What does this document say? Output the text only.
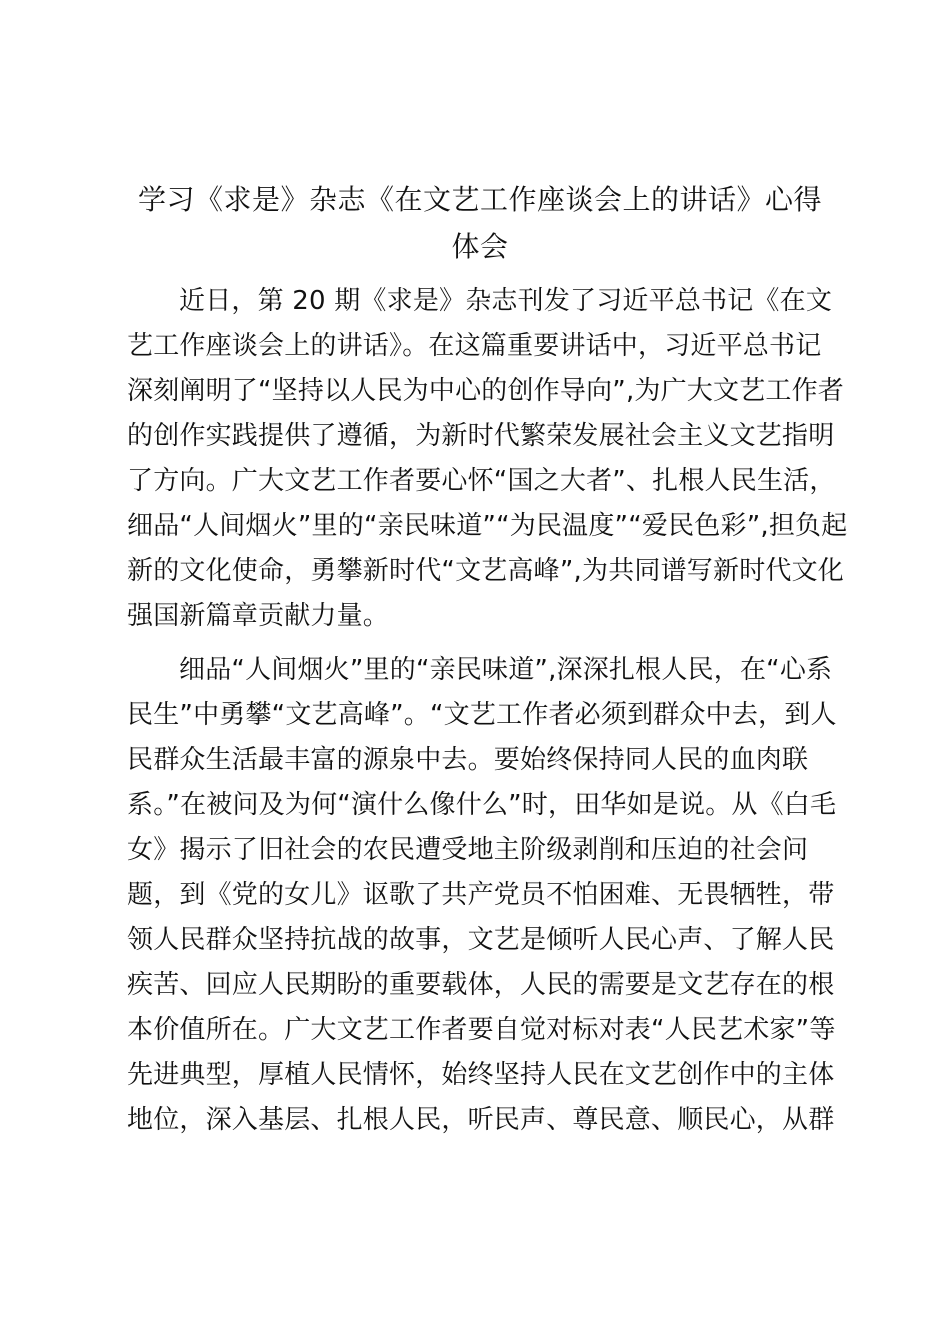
学习《求是》杂志《在文艺工作座谈会上的讲话》心得
体会
近日，第 20 期《求是》杂志刊发了习近平总书记《在文
艺工作座谈会上的讲话》。在这篇重要讲话中，习近平总书记
深刻阐明了“坚持以人民为中心的创作导向”,为广大文艺工作者
的创作实践提供了遵循，为新时代繁荣发展社会主义文艺指明
了方向。广大文艺工作者要心怀“国之大者”、扎根人民生活，
细品“人间烟火”里的“亲民味道”“为民温度”“爱民色彩”,担负起
新的文化使命，勇攀新时代“文艺高峰”,为共同谱写新时代文化
强国新篇章贡献力量。
细品“人间烟火”里的“亲民味道”,深深扎根人民，在“心系
民生”中勇攀“文艺高峰”。“文艺工作者必须到群众中去，到人
民群众生活最丰富的源泉中去。要始终保持同人民的血肉联
系。”在被问及为何“演什么像什么”时，田华如是说。从《白毛
女》揭示了旧社会的农民遭受地主阶级剥削和压迫的社会问
题，到《党的女儿》讴歌了共产党员不怕困难、无畏牺牲，带
领人民群众坚持抗战的故事，文艺是倾听人民心声、了解人民
疾苦、回应人民期盼的重要载体，人民的需要是文艺存在的根
本价值所在。广大文艺工作者要自觉对标对表“人民艺术家”等
先进典型，厚植人民情怀，始终坚持人民在文艺创作中的主体
地位，深入基层、扎根人民，听民声、尊民意、顺民心，从群
